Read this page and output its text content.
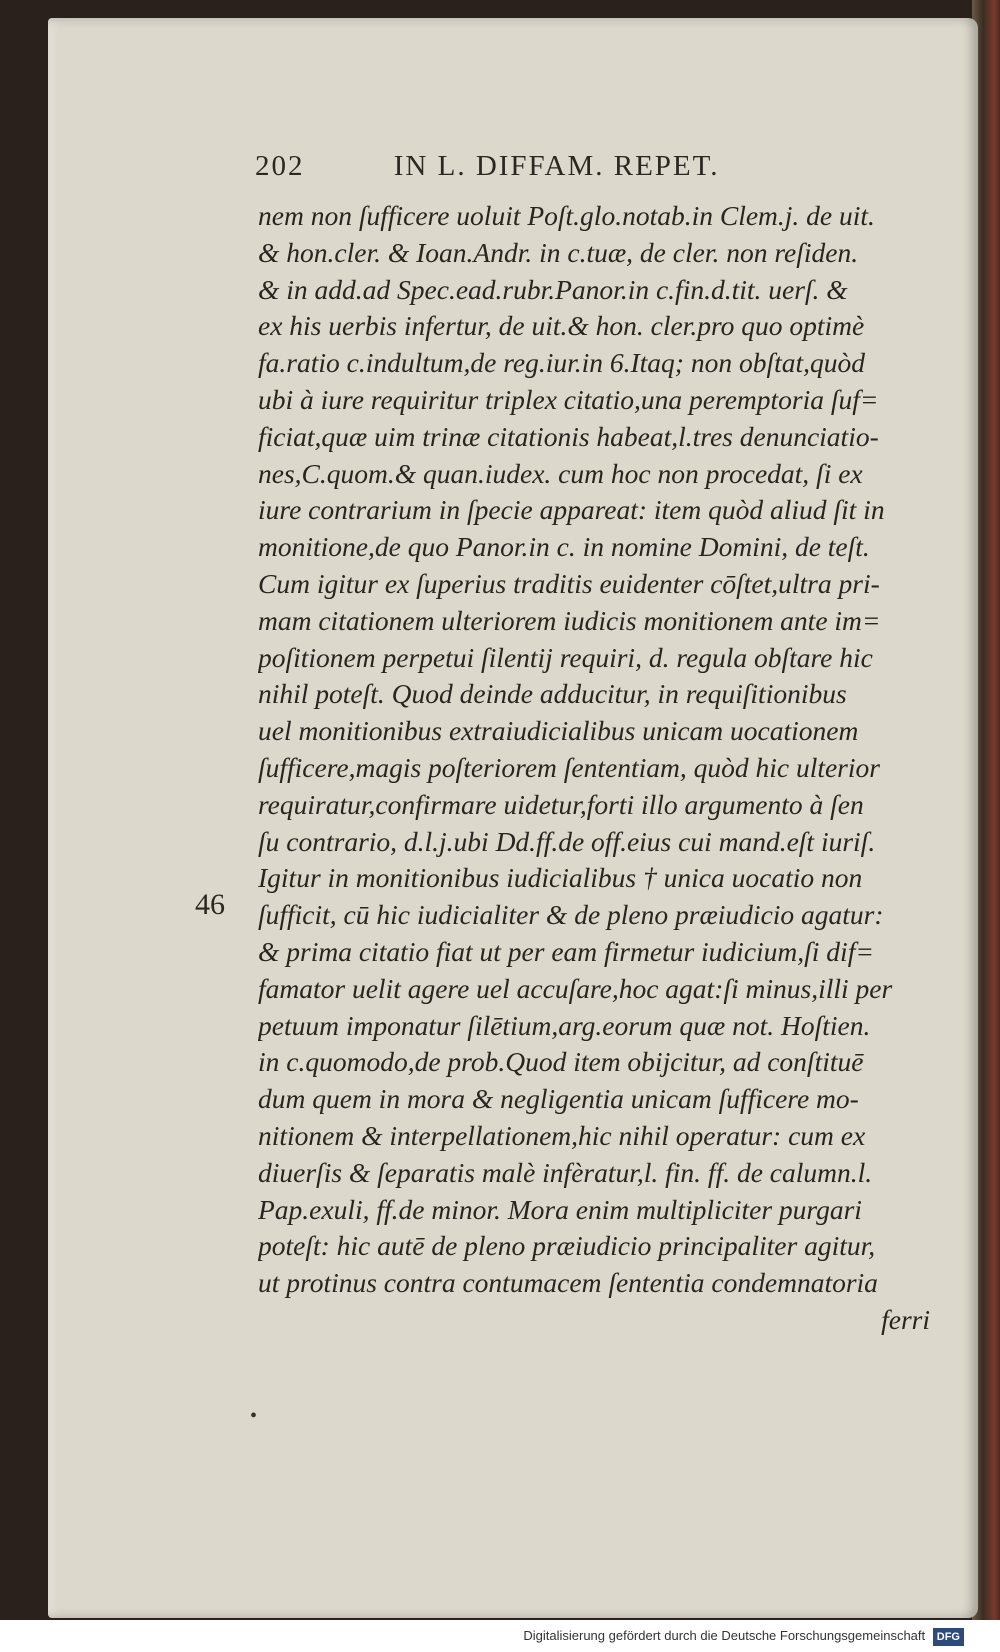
202	IN L. DIFFAM. REPET.
46
nem non ſufficere uoluit Poſt.glo.notab.in Clem.j. de uit.
& hon.cler. & Ioan.Andr. in c.tuæ, de cler. non reſiden.
& in add.ad Spec.ead.rubr.Panor.in c.fin.d.tit. uerſ. &
ex his uerbis infertur, de uit.& hon. cler.pro quo optimè
fa.ratio c.indultum,de reg.iur.in 6.Itaq; non obſtat,quòd
ubi à iure requiritur triplex citatio,una peremptoria ſuf=
ficiat,quæ uim trinæ citationis habeat,l.tres denunciatio-
nes,C.quom.& quan.iudex. cum hoc non procedat, ſi ex
iure contrarium in ſpecie appareat: item quòd aliud ſit in
monitione,de quo Panor.in c. in nomine Domini, de teſt.
Cum igitur ex ſuperius traditis euidenter cōſtet,ultra pri-
mam citationem ulteriorem iudicis monitionem ante im=
poſitionem perpetui ſilentij requiri, d. regula obſtare hic
nihil poteſt. Quod deinde adducitur, in requiſitionibus
uel monitionibus extraiudicialibus unicam uocationem
ſufficere,magis poſteriorem ſententiam, quòd hic ulterior
requiratur,confirmare uidetur,forti illo argumento à ſen
ſu contrario, d.l.j.ubi Dd.ff.de off.eius cui mand.eſt iuriſ.
Igitur in monitionibus iudicialibus † unica uocatio non
ſufficit, cū hic iudicialiter & de pleno præiudicio agatur:
& prima citatio fiat ut per eam firmetur iudicium,ſi dif=
famator uelit agere uel accuſare,hoc agat:ſi minus,illi per
petuum imponatur ſilētium,arg.eorum quæ not. Hoſtien.
in c.quomodo,de prob.Quod item obijcitur, ad conſtituē
dum quem in mora & negligentia unicam ſufficere mo-
nitionem & interpellationem,hic nihil operatur: cum ex
diuerſis & ſeparatis malè infèratur,l. fin. ff. de calumn.l.
Pap.exuli, ff.de minor. Mora enim multipliciter purgari
poteſt: hic autē de pleno præiudicio principaliter agitur,
ut protinus contra contumacem ſententia condemnatoria
ferri
•
Digitalisierung gefördert durch die Deutsche Forschungsgemeinschaft DFG
